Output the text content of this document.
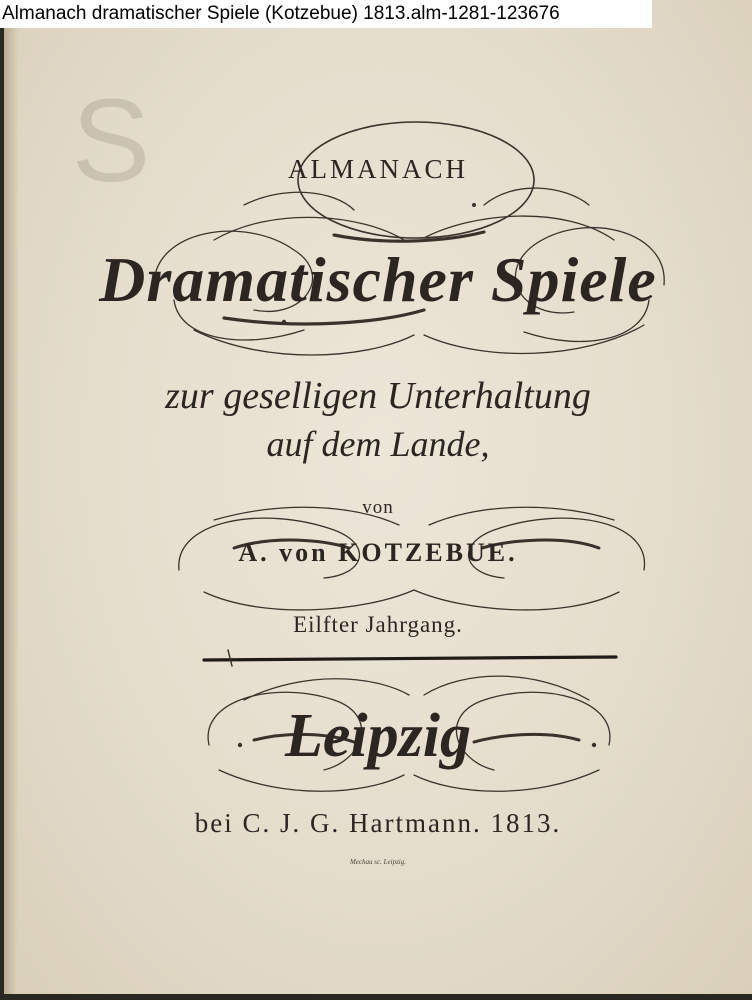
Almanach dramatischer Spiele (Kotzebue) 1813.alm-1281-123676
S	ALMANACH
Dramatischer Spiele
zur geselligen Unterhaltung
auf dem Lande,
von
A. von KOTZEBUE.
Eilfter Jahrgang.
Leipzig
bei C. J. G. Hartmann. 1813.
Mechau sc. Leipzig.
